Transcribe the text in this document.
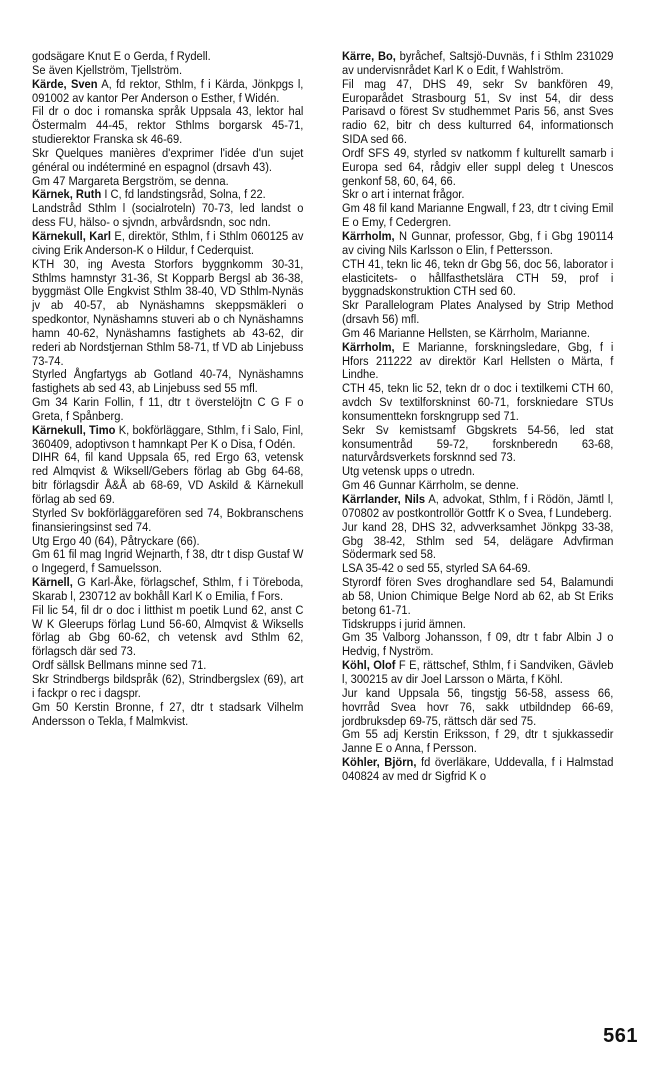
godsägare Knut E o Gerda, f Rydell.

Se även Kjellström, Tjellström.

Kärde, Sven A, fd rektor, Sthlm, f i Kärda, Jönkpgs l, 091002 av kantor Per Anderson o Esther, f Widén.

Fil dr o doc i romanska språk Uppsala 43, lektor hal Östermalm 44-45, rektor Sthlms borgarsk 45-71, studierektor Franska sk 46-69.

Skr Quelques manières d'exprimer l'idée d'un sujet général ou indéterminé en espagnol (drsavh 43).

Gm 47 Margareta Bergström, se denna.

Kärnek, Ruth I C, fd landstingsråd, Solna, f 22.

Landstråd Sthlm l (socialroteln) 70-73, led landst o dess FU, hälso- o sjvndn, arbvårdsndn, soc ndn.

Kärnekull, Karl E, direktör, Sthlm, f i Sthlm 060125 av civing Erik Anderson-K o Hildur, f Cederquist.

KTH 30, ing Avesta Storfors byggnkomm 30-31, Sthlms hamnstyr 31-36, St Kopparb Bergsl ab 36-38, byggmäst Olle Engkvist Sthlm 38-40, VD Sthlm-Nynäs jv ab 40-57, ab Nynäshamns skeppsmäkleri o spedkontor, Nynäshamns stuveri ab o ch Nynäshamns hamn 40-62, Nynäshamns fastighets ab 43-62, dir rederi ab Nordstjernan Sthlm 58-71, tf VD ab Linjebuss 73-74.

Styrled Ångfartygs ab Gotland 40-74, Nynäshamns fastighets ab sed 43, ab Linjebuss sed 55 mfl.

Gm 34 Karin Follin, f 11, dtr t överstelöjtn C G F o Greta, f Spånberg.

Kärnekull, Timo K, bokförläggare, Sthlm, f i Salo, Finl, 360409, adoptivson t hamnkapt Per K o Disa, f Odén.

DIHR 64, fil kand Uppsala 65, red Ergo 63, vetensk red Almqvist & Wiksell/Gebers förlag ab Gbg 64-68, bitr förlagsdir Å&Å ab 68-69, VD Askild & Kärnekull förlag ab sed 69.

Styrled Sv bokförläggarefören sed 74, Bokbranschens finansieringsinst sed 74.

Utg Ergo 40 (64), Påtryckare (66).

Gm 61 fil mag Ingrid Wejnarth, f 38, dtr t disp Gustaf W o Ingegerd, f Samuelsson.

Kärnell, G Karl-Åke, förlagschef, Sthlm, f i Töreboda, Skarab l, 230712 av bokhåll Karl K o Emilia, f Fors.

Fil lic 54, fil dr o doc i litthist m poetik Lund 62, anst C W K Gleerups förlag Lund 56-60, Almqvist & Wiksells förlag ab Gbg 60-62, ch vetensk avd Sthlm 62, förlagsch där sed 73.

Ordf sällsk Bellmans minne sed 71.

Skr Strindbergs bildspråk (62), Strindbergslex (69), art i fackpr o rec i dagspr.

Gm 50 Kerstin Bronne, f 27, dtr t stadsark Vilhelm Andersson o Tekla, f Malmkvist.

Kärre, Bo, byråchef, Saltsjö-Duvnäs, f i Sthlm 231029 av undervisnrådet Karl K o Edit, f Wahlström.

Fil mag 47, DHS 49, sekr Sv bankfören 49, Europarådet Strasbourg 51, Sv inst 54, dir dess Parisavd o förest Sv studhemmet Paris 56, anst Sves radio 62, bitr ch dess kulturred 64, informationsch SIDA sed 66.

Ordf SFS 49, styrled sv natkomm f kulturellt samarb i Europa sed 64, rådgiv eller suppl deleg t Unescos genkonf 58, 60, 64, 66.

Skr o art i internat frågor.

Gm 48 fil kand Marianne Engwall, f 23, dtr t civing Emil E o Emy, f Cedergren.

Kärrholm, N Gunnar, professor, Gbg, f i Gbg 190114 av civing Nils Karlsson o Elin, f Pettersson.

CTH 41, tekn lic 46, tekn dr Gbg 56, doc 56, laborator i elasticitets- o hållfasthetslära CTH 59, prof i byggnadskonstruktion CTH sed 60.

Skr Parallelogram Plates Analysed by Strip Method (drsavh 56) mfl.

Gm 46 Marianne Hellsten, se Kärrholm, Marianne.

Kärrholm, E Marianne, forskningsledare, Gbg, f i Hfors 211222 av direktör Karl Hellsten o Märta, f Lindhe.

CTH 45, tekn lic 52, tekn dr o doc i textilkemi CTH 60, avdch Sv textilforskninst 60-71, forskniedare STUs konsumenttekn forskngrupp sed 71.

Sekr Sv kemistsamf Gbgskrets 54-56, led stat konsumentråd 59-72, forsknberedn 63-68, naturvårdsverkets forsknnd sed 73.

Utg vetensk upps o utredn.

Gm 46 Gunnar Kärrholm, se denne.

Kärrlander, Nils A, advokat, Sthlm, f i Rödön, Jämtl l, 070802 av postkontrollör Gottfr K o Svea, f Lundeberg.

Jur kand 28, DHS 32, advverksamhet Jönkpg 33-38, Gbg 38-42, Sthlm sed 54, delägare Advfirman Södermark sed 58.

LSA 35-42 o sed 55, styrled SA 64-69.

Styrordf fören Sves droghandlare sed 54, Balamundi ab 58, Union Chimique Belge Nord ab 62, ab St Eriks betong 61-71.

Tidskrupps i jurid ämnen.

Gm 35 Valborg Johansson, f 09, dtr t fabr Albin J o Hedvig, f Nyström.

Köhl, Olof F E, rättschef, Sthlm, f i Sandviken, Gävleb l, 300215 av dir Joel Larsson o Märta, f Köhl.

Jur kand Uppsala 56, tingstjg 56-58, assess 66, hovrråd Svea hovr 76, sakk utbildndep 66-69, jordbruksdep 69-75, rättsch där sed 75.

Gm 55 adj Kerstin Eriksson, f 29, dtr t sjukkassedir Janne E o Anna, f Persson.

Köhler, Björn, fd överläkare, Uddevalla, f i Halmstad 040824 av med dr Sigfrid K o

561
